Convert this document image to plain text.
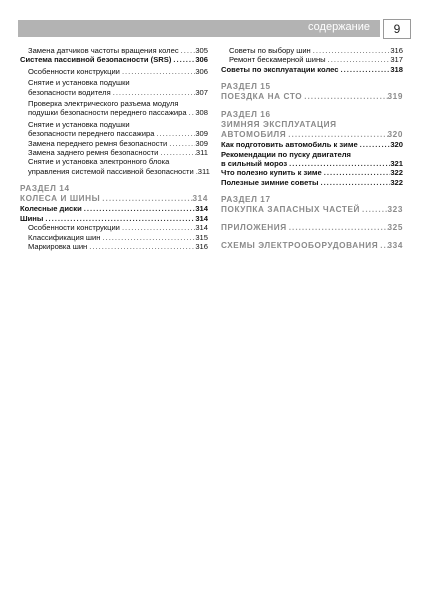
содержание	9
Замена датчиков частоты вращения колес ..... 305
Система пассивной безопасности (SRS) .....	306
Особенности конструкции .....	306
Снятие и установка подушки
безопасности водителя .....	307
Проверка электрического разъема модуля
подушки безопасности переднего пассажира ..... 308
Снятие и установка подушки
безопасности переднего пассажира .....	309
Замена переднего ремня безопасности .....	309
Замена заднего ремня безопасности .....	311
Снятие и установка электронного блока
управления системой пассивной безопасности ..... 311
РАЗДЕЛ 14
КОЛЕСА И ШИНЫ .....	314
Колесные диски .....	314
Шины .....	314
Особенности конструкции .....	314
Классификация шин .....	315
Маркировка шин .....	316
Советы по выбору шин .....	316
Ремонт бескамерной шины .....	317
Советы по эксплуатации колес .....	318
РАЗДЕЛ 15
ПОЕЗДКА НА СТО .....	319
РАЗДЕЛ 16
ЗИМНЯЯ ЭКСПЛУАТАЦИЯ
АВТОМОБИЛЯ .....	320
Как подготовить автомобиль к зиме .....	320
Рекомендации по пуску двигателя
в сильный мороз .....	321
Что полезно купить к зиме .....	322
Полезные зимние советы .....	322
РАЗДЕЛ 17
ПОКУПКА ЗАПАСНЫХ ЧАСТЕЙ .....	323
ПРИЛОЖЕНИЯ .....	325
СХЕМЫ ЭЛЕКТРООБОРУДОВАНИЯ ..... 334
